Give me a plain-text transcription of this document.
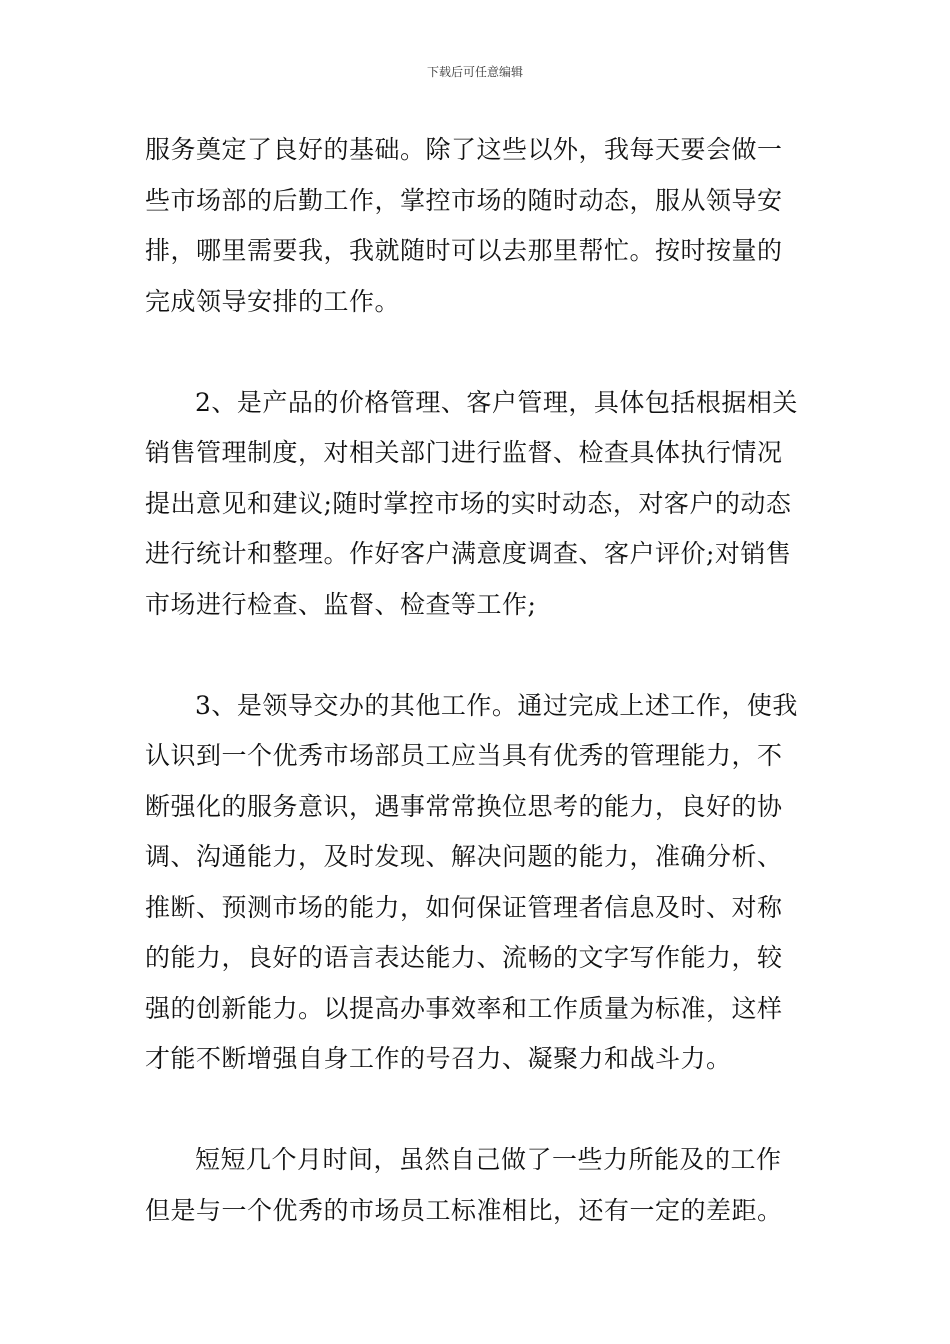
下载后可任意编辑
服务奠定了良好的基础。除了这些以外，我每天要会做一
些市场部的后勤工作，掌控市场的随时动态，服从领导安
排，哪里需要我，我就随时可以去那里帮忙。按时按量的
完成领导安排的工作。
2、是产品的价格管理、客户管理，具体包括根据相关
销售管理制度，对相关部门进行监督、检查具体执行情况
提出意见和建议;随时掌控市场的实时动态，对客户的动态
进行统计和整理。作好客户满意度调查、客户评价;对销售
市场进行检查、监督、检查等工作;
3、是领导交办的其他工作。通过完成上述工作，使我
认识到一个优秀市场部员工应当具有优秀的管理能力，不
断强化的服务意识，遇事常常换位思考的能力，良好的协
调、沟通能力，及时发现、解决问题的能力，准确分析、
推断、预测市场的能力，如何保证管理者信息及时、对称
的能力，良好的语言表达能力、流畅的文字写作能力，较
强的创新能力。以提高办事效率和工作质量为标准，这样
才能不断增强自身工作的号召力、凝聚力和战斗力。
短短几个月时间，虽然自己做了一些力所能及的工作
但是与一个优秀的市场员工标准相比，还有一定的差距。
